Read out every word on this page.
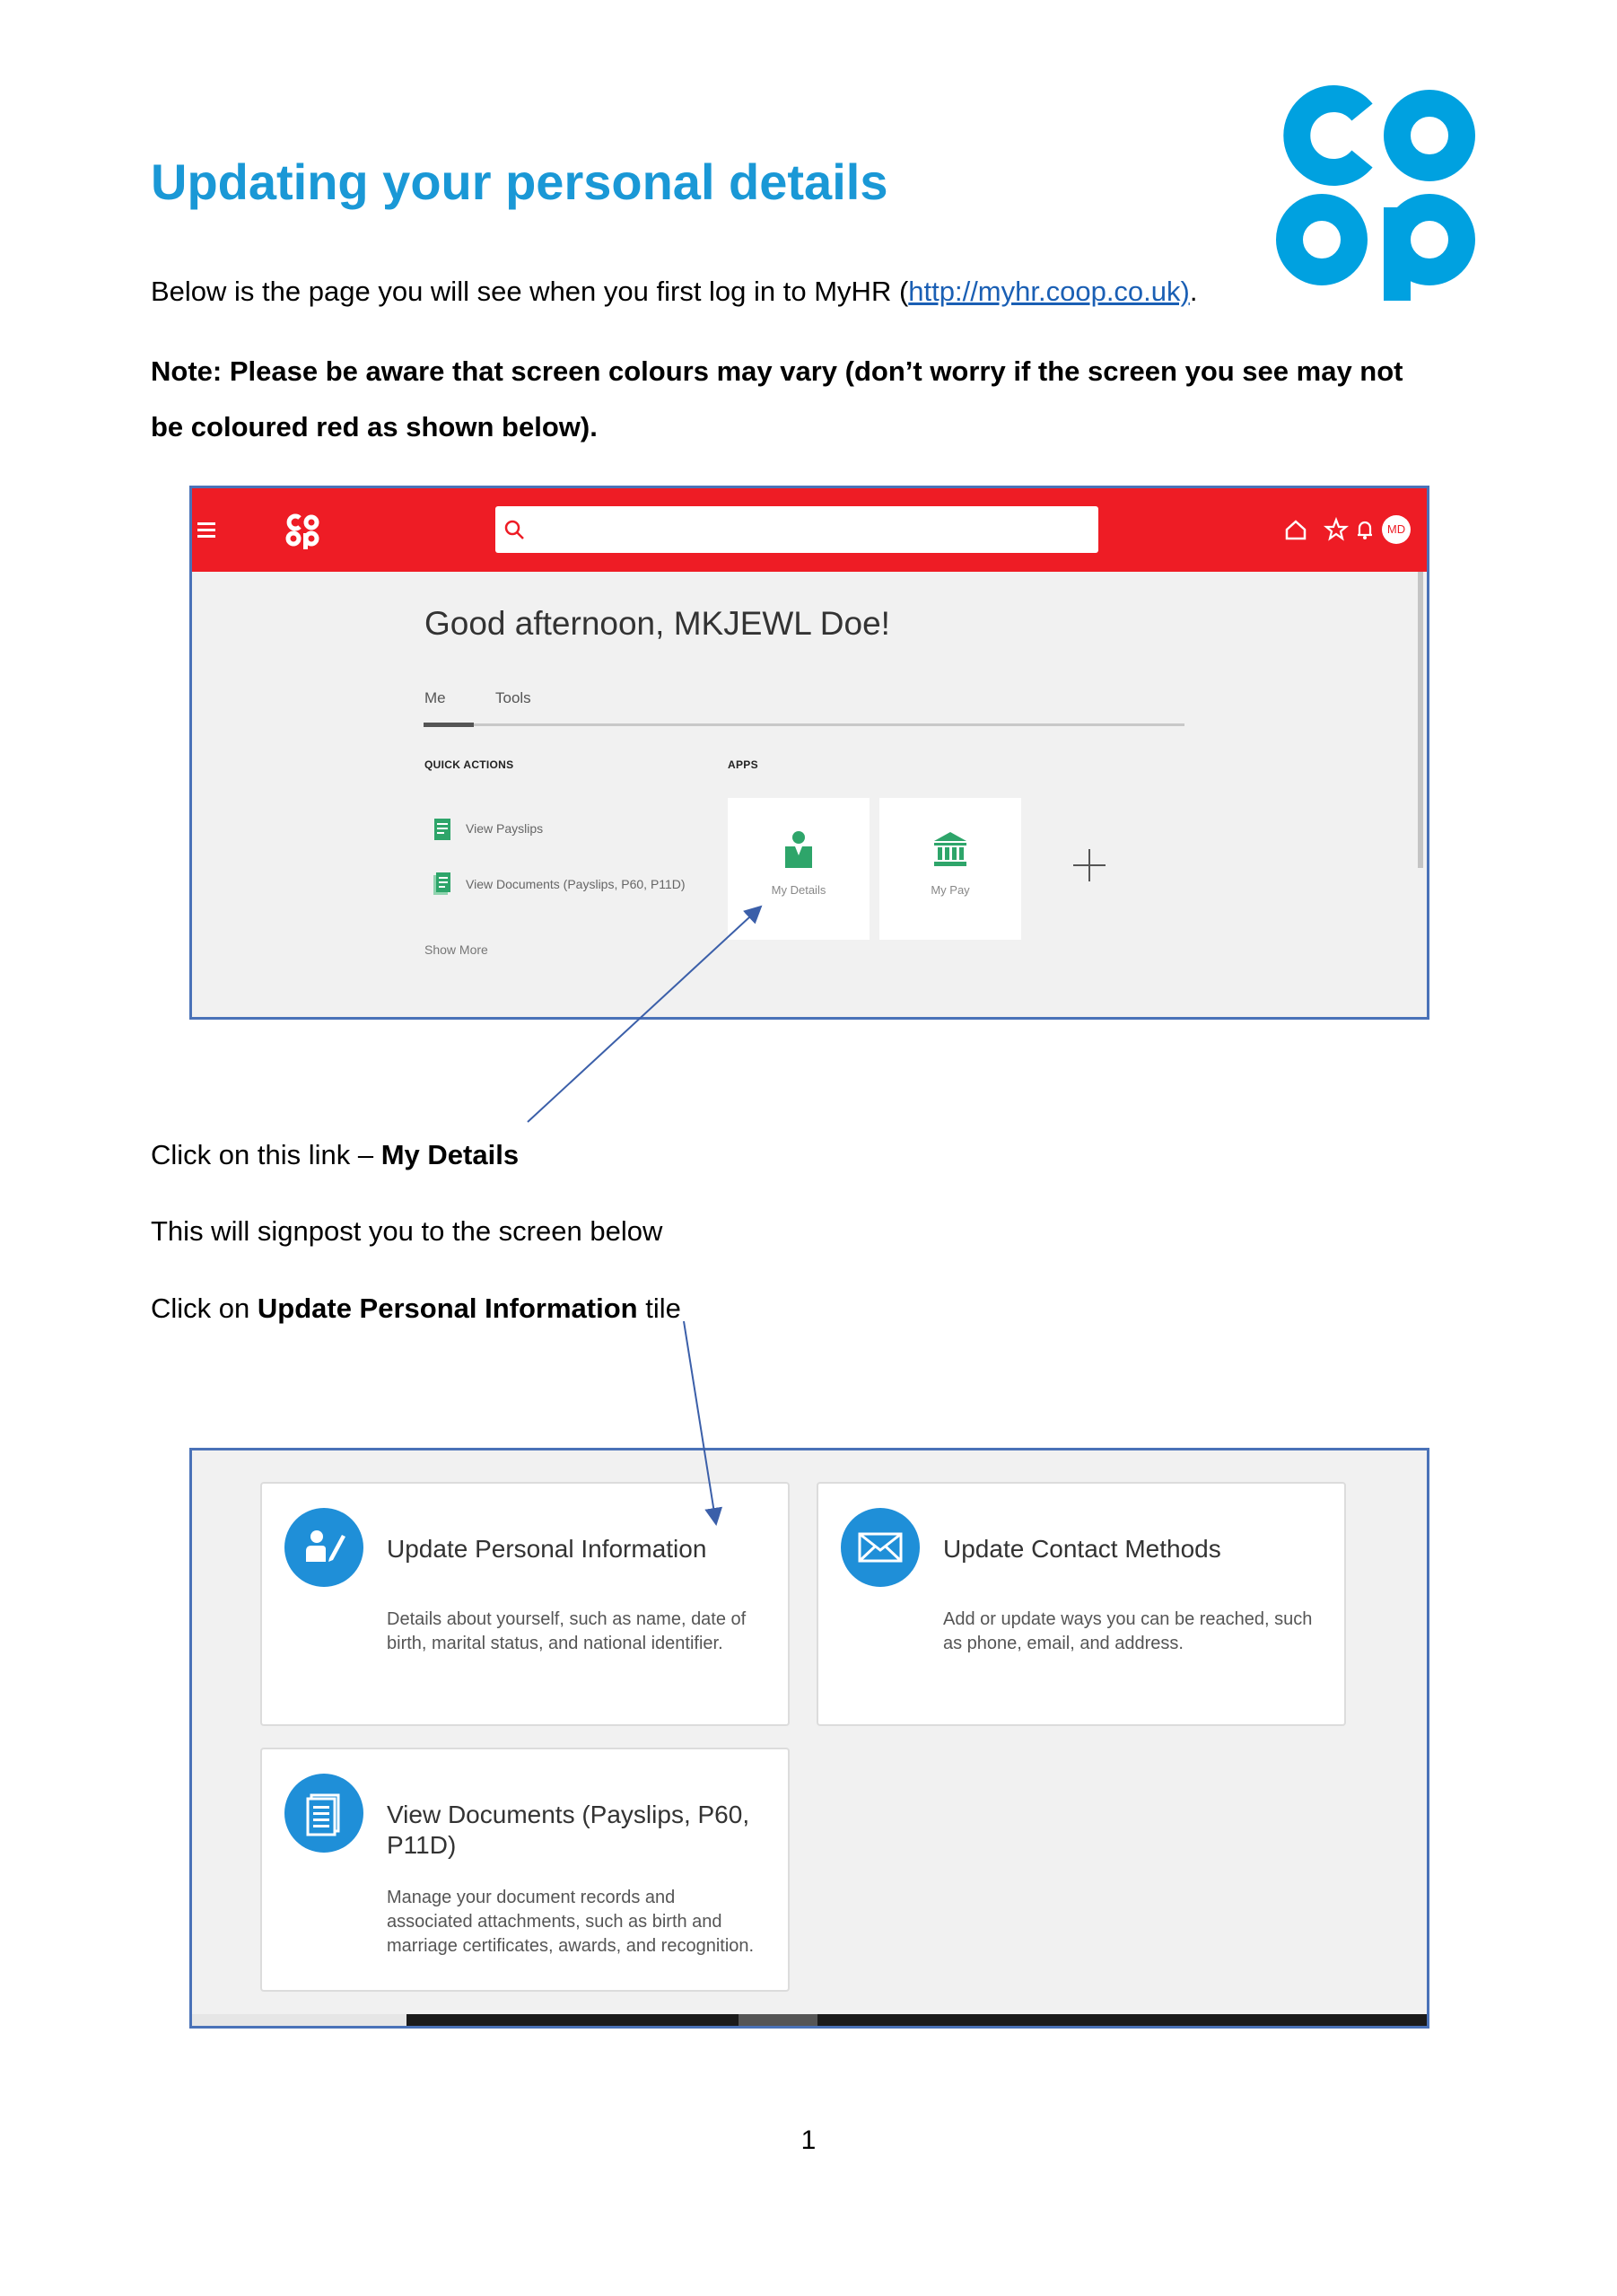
Updating your personal details
Below is the page you will see when you first log in to MyHR (http://myhr.coop.co.uk).
Note: Please be aware that screen colours may vary (don’t worry if the screen you see may not be coloured red as shown below).
MD
Good afternoon, MKJEWL Doe!
Me	Tools
QUICK ACTIONS	APPS
View Payslips
View Documents (Payslips, P60, P11D)
Show More
My Details	My Pay
Click on this link – My Details
This will signpost you to the screen below
Click on Update Personal Information tile
Update Personal Information
Details about yourself, such as name, date of birth, marital status, and national identifier.
Update Contact Methods
Add or update ways you can be reached, such as phone, email, and address.
View Documents (Payslips, P60, P11D)
Manage your document records and associated attachments, such as birth and marriage certificates, awards, and recognition.
1
